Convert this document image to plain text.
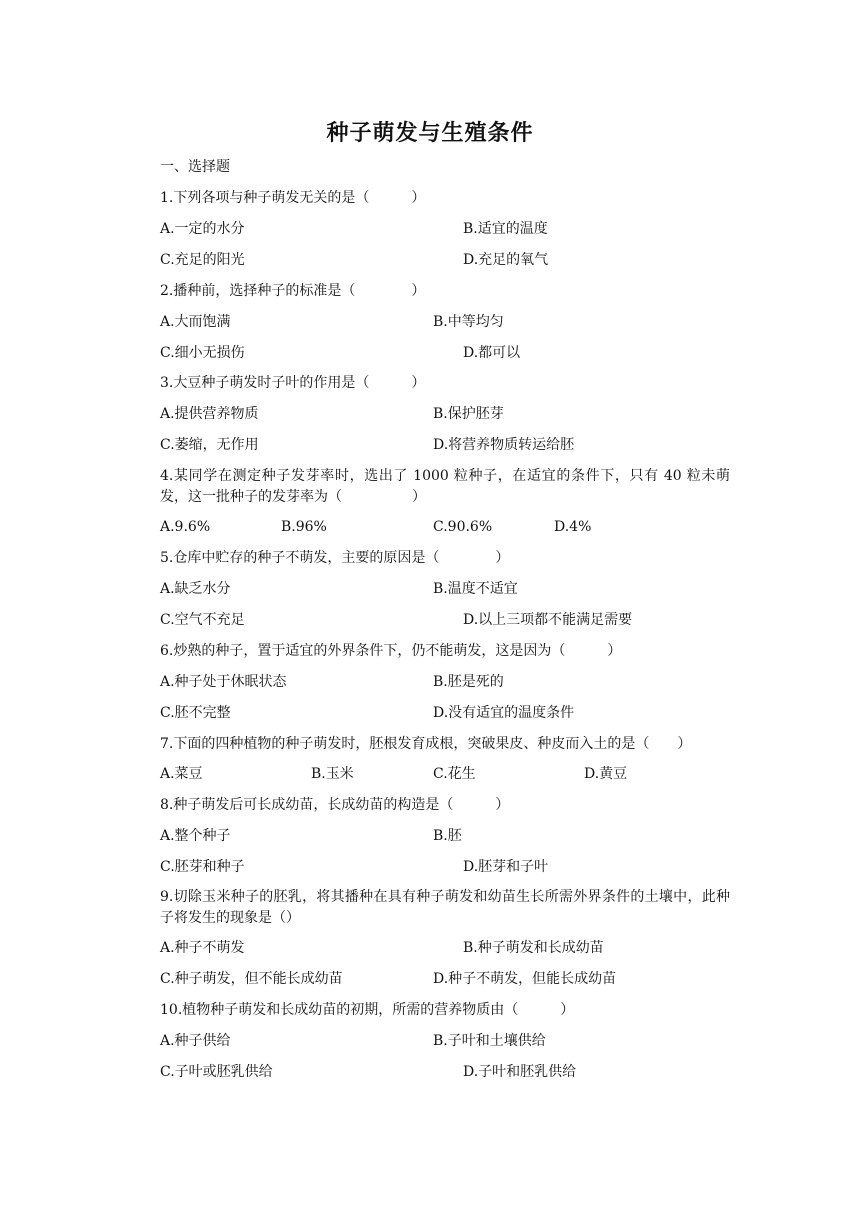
种子萌发与生殖条件
一、选择题
1.下列各项与种子萌发无关的是（　　　）
A.一定的水分	B.适宜的温度
C.充足的阳光	D.充足的氧气
2.播种前，选择种子的标准是（　　　　）
A.大而饱满	B.中等均匀
C.细小无损伤	D.都可以
3.大豆种子萌发时子叶的作用是（　　　）
A.提供营养物质	B.保护胚芽
C.萎缩，无作用	D.将营养物质转运给胚
4.某同学在测定种子发芽率时，选出了 1000 粒种子，在适宜的条件下，只有 40 粒未萌发，这一批种子的发芽率为（　　　　　）
A.9.6%	B.96%	C.90.6%	D.4%
5.仓库中贮存的种子不萌发，主要的原因是（　　　　）
A.缺乏水分	B.温度不适宜
C.空气不充足	D.以上三项都不能满足需要
6.炒熟的种子，置于适宜的外界条件下，仍不能萌发，这是因为（　　　）
A.种子处于休眠状态	B.胚是死的
C.胚不完整	D.没有适宜的温度条件
7.下面的四种植物的种子萌发时，胚根发育成根，突破果皮、种皮而入土的是（　　）
A.菜豆	B.玉米	C.花生	D.黄豆
8.种子萌发后可长成幼苗，长成幼苗的构造是（　　　）
A.整个种子	B.胚
C.胚芽和种子	D.胚芽和子叶
9.切除玉米种子的胚乳，将其播种在具有种子萌发和幼苗生长所需外界条件的土壤中，此种子将发生的现象是（）
A.种子不萌发	B.种子萌发和长成幼苗
C.种子萌发，但不能长成幼苗	D.种子不萌发，但能长成幼苗
10.植物种子萌发和长成幼苗的初期，所需的营养物质由（　　　）
A.种子供给	B.子叶和土壤供给
C.子叶或胚乳供给	D.子叶和胚乳供给
